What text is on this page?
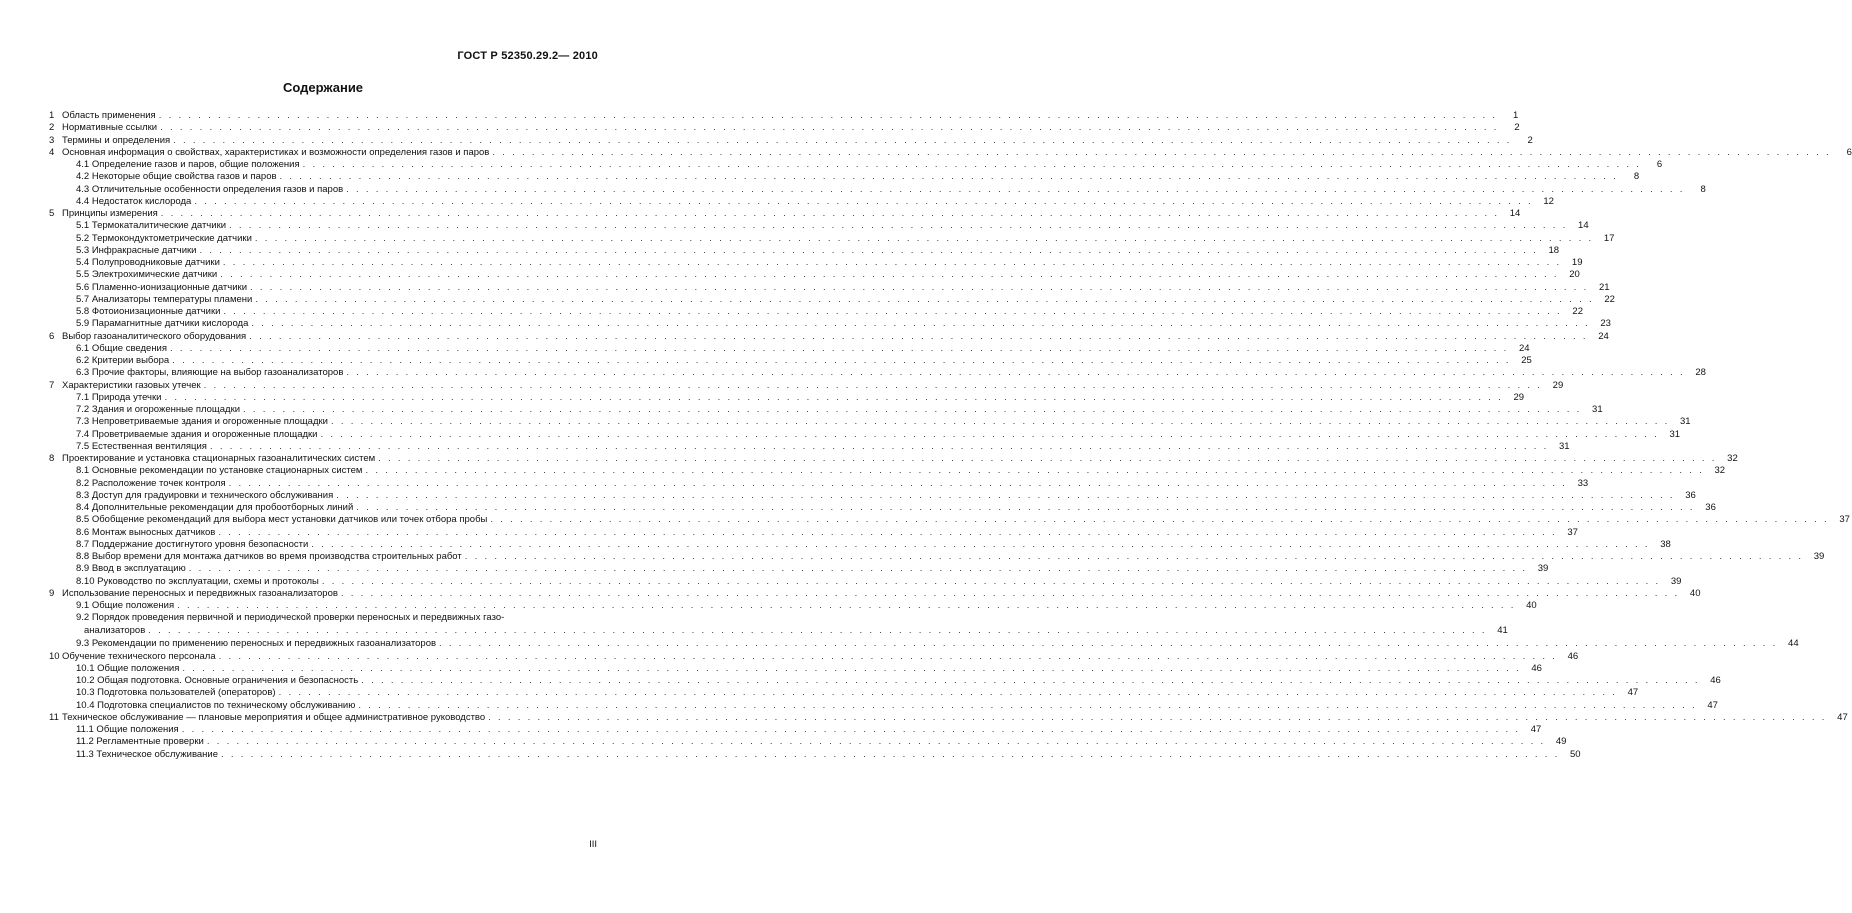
ГОСТ Р 52350.29.2— 2010
Содержание
1 Область применения . . .	1
2 Нормативные ссылки . . .	2
3 Термины и определения . . .	2
4 Основная информация о свойствах, характеристиках и возможности определения газов и паров . . .	6
4.1 Определение газов и паров, общие положения . . .	6
4.2 Некоторые общие свойства газов и паров . . .	8
4.3 Отличительные особенности определения газов и паров . . .	8
4.4 Недостаток кислорода . . .	12
5 Принципы измерения . . .	14
5.1 Термокаталитические датчики . . .	14
5.2 Термокондуктометрические датчики . . .	17
5.3 Инфракрасные датчики . . .	18
5.4 Полупроводниковые датчики . . .	19
5.5 Электрохимические датчики . . .	20
5.6 Пламенно-ионизационные датчики . . .	21
5.7 Анализаторы температуры пламени . . .	22
5.8 Фотоионизационные датчики . . .	22
5.9 Парамагнитные датчики кислорода . . .	23
6 Выбор газоаналитического оборудования . . .	24
6.1 Общие сведения . . .	24
6.2 Критерии выбора . . .	25
6.3 Прочие факторы, влияющие на выбор газоанализаторов . . .	28
7 Характеристики газовых утечек . . .	29
7.1 Природа утечки . . .	29
7.2 Здания и огороженные площадки . . .	31
7.3 Непроветриваемые здания и огороженные площадки . . .	31
7.4 Проветриваемые здания и огороженные площадки . . .	31
7.5 Естественная вентиляция . . .	31
8 Проектирование и установка стационарных газоаналитических систем . . .	32
8.1 Основные рекомендации по установке стационарных систем . . .	32
8.2 Расположение точек контроля . . .	33
8.3 Доступ для градуировки и технического обслуживания . . .	36
8.4 Дополнительные рекомендации для пробоотборных линий . . .	36
8.5 Обобщение рекомендаций для выбора мест установки датчиков или точек отбора пробы . . .	37
8.6 Монтаж выносных датчиков . . .	37
8.7 Поддержание достигнутого уровня безопасности . . .	38
8.8 Выбор времени для монтажа датчиков во время производства строительных работ . . .	39
8.9 Ввод в эксплуатацию . . .	39
8.10 Руководство по эксплуатации, схемы и протоколы . . .	39
9 Использование переносных и передвижных газоанализаторов . . .	40
9.1 Общие положения . . .	40
9.2 Порядок проведения первичной и периодической проверки переносных и передвижных газо-
анализаторов . . .	41
9.3 Рекомендации по применению переносных и передвижных газоанализаторов . . .	44
10 Обучение технического персонала . . .	46
10.1 Общие положения . . .	46
10.2 Общая подготовка. Основные ограничения и безопасность . . .	46
10.3 Подготовка пользователей (операторов) . . .	47
10.4 Подготовка специалистов по техническому обслуживанию . . .	47
11 Техническое обслуживание — плановые мероприятия и общее административное руководство . . .	47
11.1 Общие положения . . .	47
11.2 Регламентные проверки . . .	49
11.3 Техническое обслуживание . . .	50
III
